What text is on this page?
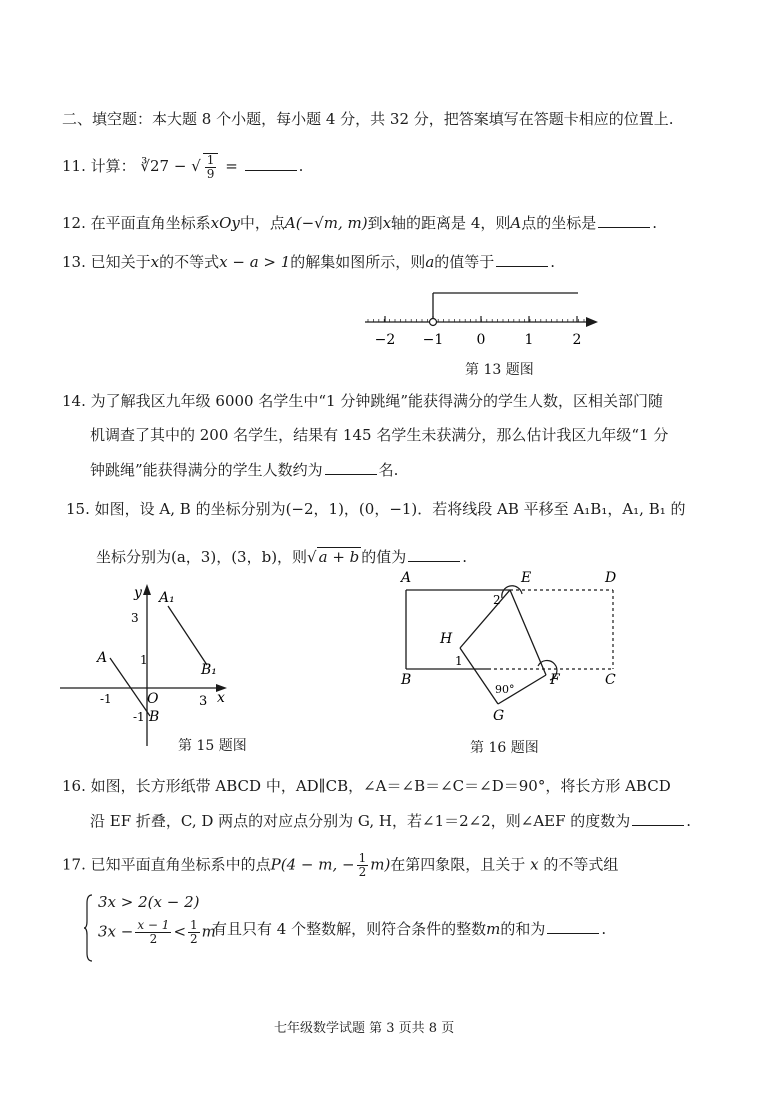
二、填空题：本大题 8 个小题，每小题 4 分，共 32 分，把答案填写在答题卡相应的位置上.
11. 计算： ∛27 − √ $\frac{1}{9}$ =	.
12. 在平面直角坐标系xOy中，点A(−√m, m)到x轴的距离是 4，则A点的坐标是	.
13. 已知关于x的不等式x − a > 1的解集如图所示，则a的值等于	.
−2 −1 0	1	2
第 13 题图
14. 为了解我区九年级 6000 名学生中“1 分钟跳绳”能获得满分的学生人数，区相关部门随
机调查了其中的 200 名学生，结果有 145 名学生未获满分，那么估计我区九年级“1 分
钟跳绳”能获得满分的学生人数约为	名.
15. 如图，设 A, B 的坐标分别为(−2，1)，(0，−1)．若将线段 AB 平移至 A₁B₁，A₁, B₁ 的
坐标分别为(a，3)，(3，b)，则√ a + b 的值为	.
y A₁
3
1
A
B₁
-1	O	3 x
-1 B
第 15 题图
A	E	D
H
B	F	C
G
1
2
90°
第 16 题图
16. 如图，长方形纸带 ABCD 中，AD∥CB，∠A＝∠B＝∠C＝∠D＝90°，将长方形 ABCD
沿 EF 折叠，C, D 两点的对应点分别为 G, H，若∠1＝2∠2，则∠AEF 的度数为	.
17. 已知平面直角坐标系中的点P(4 − m, − $\frac{1}{2} m$)在第四象限，且关于 x 的不等式组
3x > 2(x − 2)
$3x - \frac{x - 1}{2} < \frac{1}{2}$ m
有且只有 4 个整数解，则符合条件的整数m的和为	.
七年级数学试题 第 3 页共 8 页
